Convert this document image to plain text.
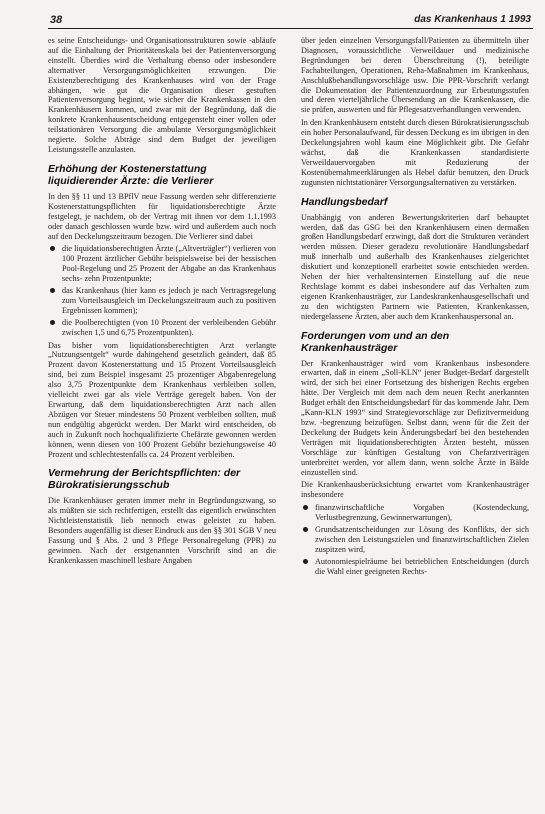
38	das Krankenhaus 1 1993

es seine Entscheidungs- und Organisationsstrukturen sowie -abläufe auf die Einhaltung der Prioritätenskala bei der Patientenversorgung einstellt. Überdies wird die Verhaltung ebenso oder insbesondere alternativer Versorgungsmöglichkeiten erzwungen. Die Existenzberechtigung des Krankenhauses wird von der Frage abhängen, wie gut die Organisation dieser gestuften Patientenversorgung beginnt, wie sicher die Krankenkassen in den Krankenhäusern kommen, und zwar mit der Begründung, daß die konkrete Krankenhausentscheidung entgegensteht einer vollen oder teilstationären Versorgung die ambulante Versorgungsmöglichkeit negierte. Solche Abträge sind dem Budget der jeweiligen Leistungsstelle anzulasten.

Erhöhung der Kostenerstattung liquidierender Ärzte: die Verlierer

In den §§ 11 und 13 BPflV neue Fassung werden sehr differenzierte Kostenerstattungspflichten für liquidationsberechtigte Ärzte festgelegt, je nachdem, ob der Vertrag mit ihnen vor dem 1.1.1993 oder danach geschlossen wurde bzw. wird und außerdem auch noch auf den Deckelungszeitraum bezogen. Die Verlierer sind dabei

die liquidationsberechtigten Ärzte („Altverträgler“) verlieren von 100 Prozent ärztlicher Gebühr beispielsweise bei der hessischen Pool-Regelung und 25 Prozent der Abgabe an das Krankenhaus sechs- zehn Prozentpunkte;
das Krankenhaus (hier kann es jedoch je nach Vertragsregelung zum Vorteilsausgleich im Deckelungszeitraum auch zu positiven Ergebnissen kommen);
die Poolberechtigten (von 10 Prozent der verbleibenden Gebühr zwischen 1,5 und 6,75 Prozentpunkten).

Das bisher vom liquidationsberechtigten Arzt verlangte „Nutzungsentgelt“ wurde dahingehend gesetzlich geändert, daß 85 Prozent davon Kostenerstattung und 15 Prozent Vorteilsausgleich sind, bei zum Beispiel insgesamt 25 prozentiger Abgabenregelung also 3,75 Prozentpunkte dem Krankenhaus verbleiben sollen, vielleicht zwei gar als viele Verträge geregelt haben. Von der Erwartung, daß dem liquidationsberechtigten Arzt nach allen Abzügen vor Steuer mindestens 50 Prozent verbleiben sollten, muß nun endgültig abgerückt werden. Der Markt wird entscheiden, ob auch in Zukunft noch hochqualifizierte Chefärzte gewonnen werden können, wenn diesen von 100 Prozent Gebühr beziehungsweise 40 Prozent und schlechtestenfalls ca. 24 Prozent verbleiben.

Vermehrung der Berichtspflichten: der Bürokratisierungsschub

Die Krankenhäuser geraten immer mehr in Begründungszwang, so als müßten sie sich rechtfertigen, erstellt das eigentlich erwünschten Nichtleistenstatistik lieb nennoch etwas geleistet zu haben. Besonders augenfällig ist dieser Eindruck aus den §§ 301 SGB V neu Fassung und § Abs. 2 und 3 Pflege Personalregelung (PPR) zu gewinnen. Nach der erstgenannten Vorschrift sind an die Krankenkassen maschinell lesbare Angaben

über jeden einzelnen Versorgungsfall/Patienten zu übermitteln über Diagnosen, voraussichtliche Verweildauer und medizinische Begründungen bei deren Überschreitung (!), beteiligte Fachabteilungen, Operationen, Reha-Maßnahmen im Krankenhaus, Anschlußbehandlungsvorschläge usw. Die PPR-Vorschrift verlangt die Dokumentation der Patientenzuordnung zur Erbeutungsstufen und deren vierteljährliche Übersendung an die Krankenkassen, die sie prüfen, auswerten und für Pflegesatzverhandlungen verwenden.

In den Krankenhäusern entsteht durch diesen Bürokratisierungsschub ein hoher Personalaufwand, für dessen Deckung es im übrigen in den Deckelungsjahren wohl kaum eine Möglichkeit gibt. Die Gefahr wächst, daß die Krankenkassen standardisierte Verweildauervorgaben mit Reduzierung der Kostenübernahmeerklärungen als Hebel dafür benutzen, den Druck zugunsten nichtstationärer Versorgungsalternativen zu verstärken.

Handlungsbedarf

Unabhängig von anderen Bewertungskriterien darf behauptet werden, daß das GSG bei den Krankenhäusern einen dermaßen großen Handlungsbedarf erzwingt, daß dort die Strukturen verändert werden müssen. Dieser geradezu revolutionäre Handlungsbedarf muß innerhalb und außerhalb des Krankenhauses zielgerichtet diskutiert und konzeptionell erarbeitet sowie entschieden werden. Neben der hier verhaltensinternen Einstellung auf die neue Rechtslage kommt es dabei insbesondere auf das Verhalten zum eigenen Krankenhausträger, zur Landeskrankenhausgesellschaft und zu den wichtigsten Partnern wie Patienten, Krankenkassen, niedergelassene Ärzten, aber auch dem Krankenhauspersonal an.

Forderungen vom und an den Krankenhausträger

Der Krankenhausträger wird vom Krankenhaus insbesondere erwarten, daß in einem „Soll-KLN“ jener Budget-Bedarf dargestellt wird, der sich bei einer Fortsetzung des bisherigen Rechts ergeben hätte. Der Vergleich mit dem nach dem neuen Recht anerkannten Budget erhält den Entscheidungsbedarf für das kommende Jahr. Dem „Kann-KLN 1993“ sind Strategievorschläge zur Defizitvermeidung bzw. -begrenzung beizufügen. Selbst dann, wenn für die Zeit der Deckelung der Budgets kein Änderungsbedarf bei den bestehenden Verträgen mit liquidationsberechtigten Ärzten besteht, müssen Vorschläge zur künftigen Gestaltung von Chefarztverträgen unterbreitet werden, vor allem dann, wenn solche Ärzte in Bälde einzustellen sind.

Die Krankenhausberücksichtung erwartet vom Krankenhausträger insbesondere

finanzwirtschaftliche Vorgaben (Kostendeckung, Verlustbegrenzung, Gewinnerwartungen),
Grundsatzentscheidungen zur Lösung des Konflikts, der sich zwischen den Leistungszielen und finanzwirtschaftlichen Zielen zuspitzen wird,
Autonomiespielräume bei betrieblichen Entscheidungen (durch die Wahl einer geeigneten Rechts-
